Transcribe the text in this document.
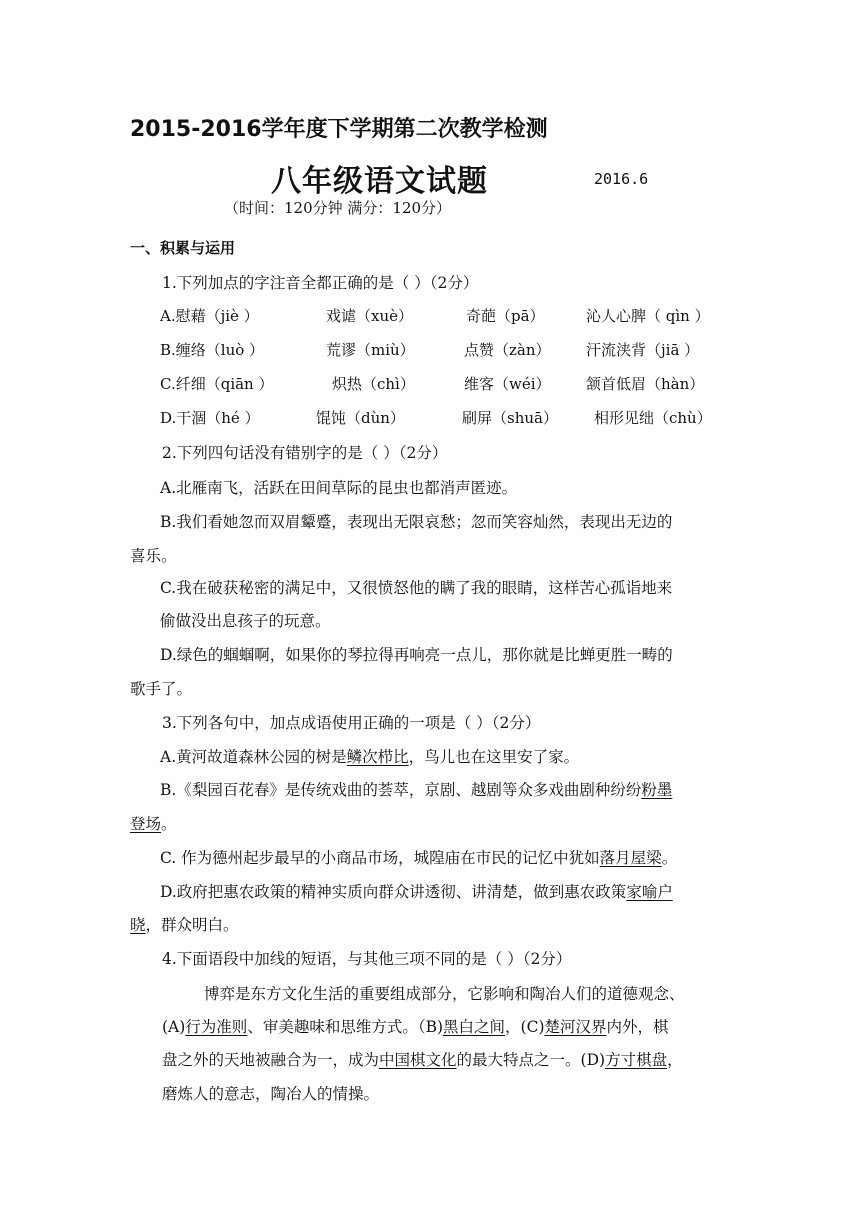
2015-2016学年度下学期第二次教学检测
八年级语文试题	2016.6
（时间：120分钟 满分：120分）
一、积累与运用
1.下列加点的字注音全都正确的是（ ）（2分）
A.慰藉（jiè ）	戏谑（xuè）	奇葩（pā）	沁人心脾（ qìn ）
B.缠络（luò ）	荒谬（miù）	点赞（zàn）	汗流浃背（jiā ）
C.纤细（qiān ）	炽热（chì）	维客（wéi）	颔首低眉（hàn）
D.干涸（hé ）	馄饨（dùn）	刷屏（shuā）	相形见绌（chù）
2.下列四句话没有错别字的是（ ）（2分）
A.北雁南飞，活跃在田间草际的昆虫也都消声匿迹。
B.我们看她忽而双眉颦蹙，表现出无限哀愁；忽而笑容灿然，表现出无边的
喜乐。
C.我在破获秘密的满足中，又很愤怒他的瞒了我的眼睛，这样苦心孤诣地来
偷做没出息孩子的玩意。
D.绿色的蝈蝈啊，如果你的琴拉得再响亮一点儿，那你就是比蝉更胜一畴的
歌手了。
3.下列各句中，加点成语使用正确的一项是（ ）（2分）
A.黄河故道森林公园的树是鳞次栉比，鸟儿也在这里安了家。
B.《梨园百花春》是传统戏曲的荟萃，京剧、越剧等众多戏曲剧种纷纷粉墨
登场。
C. 作为德州起步最早的小商品市场，城隍庙在市民的记忆中犹如落月屋梁。
D.政府把惠农政策的精神实质向群众讲透彻、讲清楚，做到惠农政策家喻户
晓，群众明白。
4.下面语段中加线的短语，与其他三项不同的是（ ）（2分）
博弈是东方文化生活的重要组成部分，它影响和陶冶人们的道德观念、
(A)行为准则、审美趣味和思维方式。（B)黑白之间，(C)楚河汉界内外，棋
盘之外的天地被融合为一，成为中国棋文化的最大特点之一。(D)方寸棋盘，
磨炼人的意志，陶冶人的情操。
